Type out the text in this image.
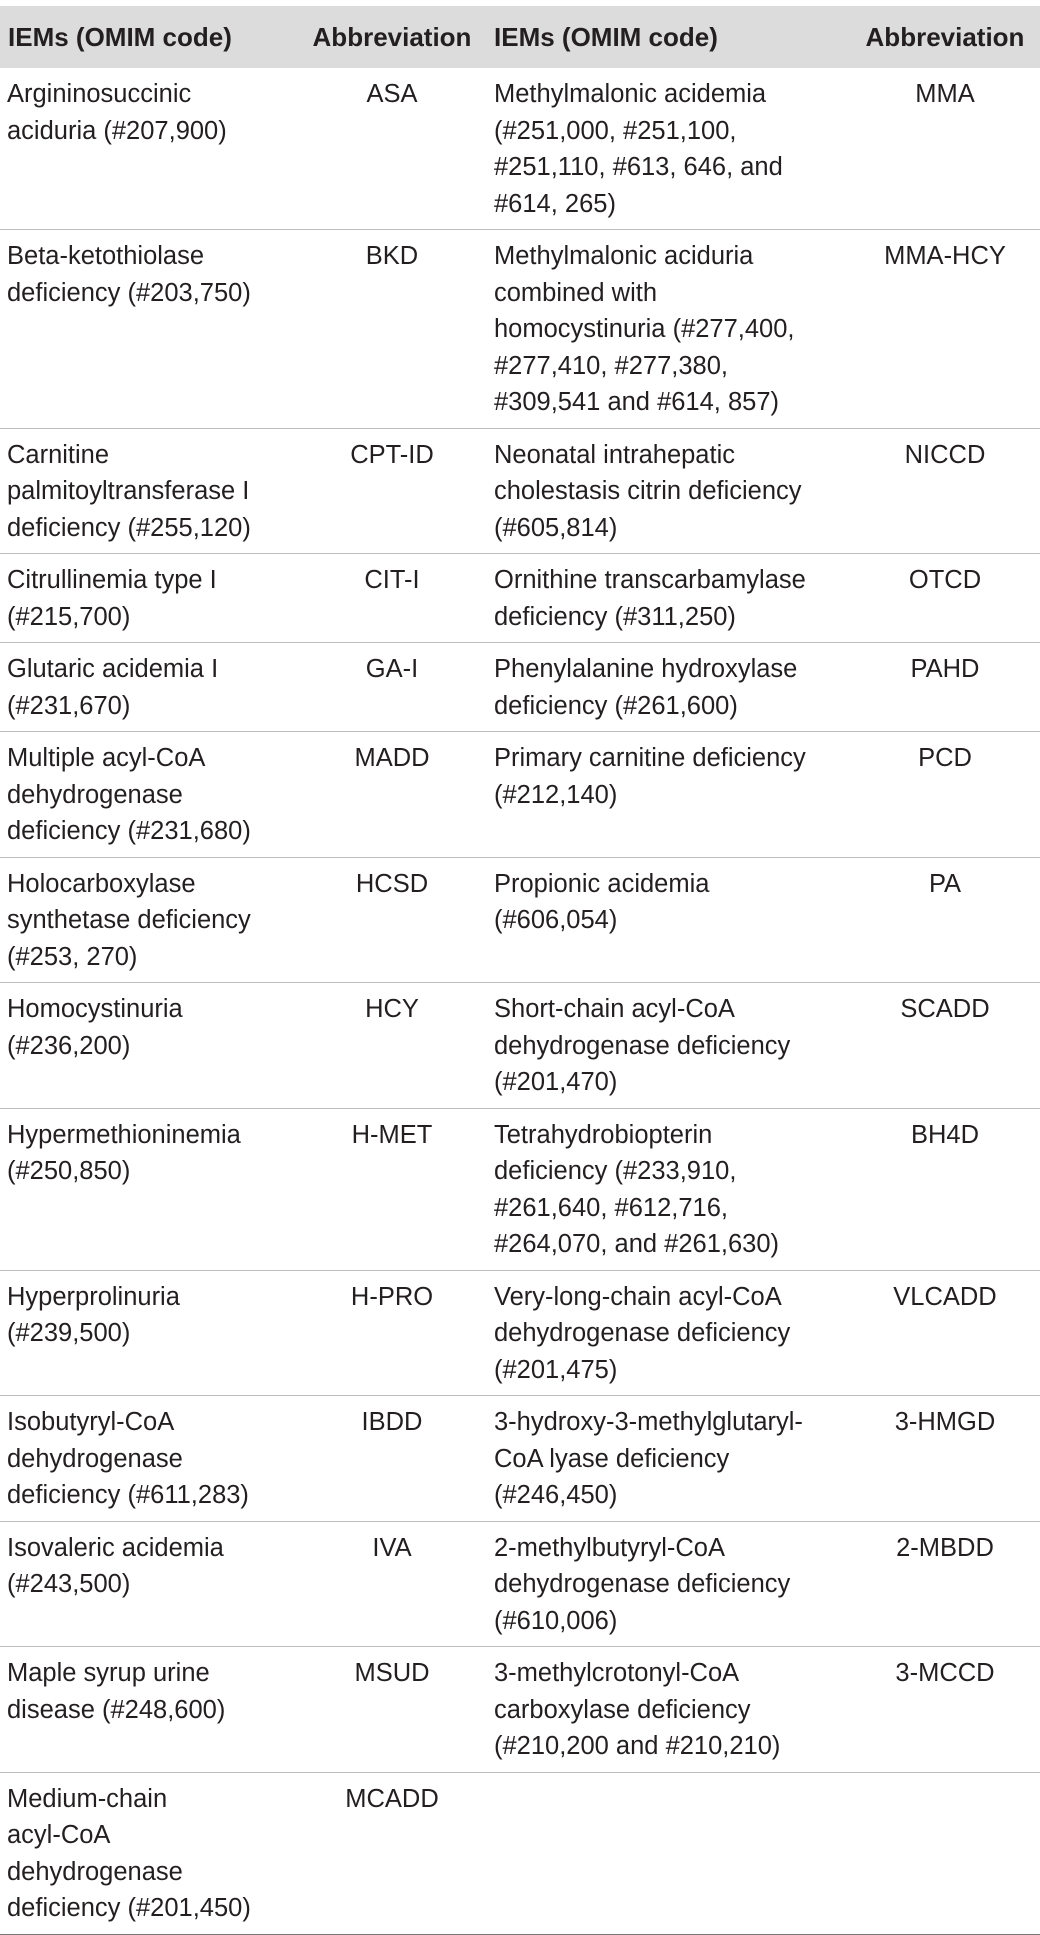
IEMs (OMIM code)	Abbreviation	IEMs (OMIM code)	Abbreviation

Argininosuccinic
aciduria (#207,900)	ASA	Methylmalonic acidemia
(#251,000, #251,100,
#251,110, #613, 646, and
#614, 265)	MMA

Beta-ketothiolase
deficiency (#203,750)	BKD	Methylmalonic aciduria
combined with
homocystinuria (#277,400,
#277,410, #277,380,
#309,541 and #614, 857)	MMA-HCY

Carnitine
palmitoyltransferase I
deficiency (#255,120)	CPT-ID	Neonatal intrahepatic
cholestasis citrin deficiency
(#605,814)	NICCD

Citrullinemia type I
(#215,700)	CIT-I	Ornithine transcarbamylase
deficiency (#311,250)	OTCD

Glutaric acidemia I
(#231,670)	GA-I	Phenylalanine hydroxylase
deficiency (#261,600)	PAHD

Multiple acyl-CoA
dehydrogenase
deficiency (#231,680)	MADD	Primary carnitine deficiency
(#212,140)	PCD

Holocarboxylase
synthetase deficiency
(#253, 270)	HCSD	Propionic acidemia
(#606,054)	PA

Homocystinuria
(#236,200)	HCY	Short-chain acyl-CoA
dehydrogenase deficiency
(#201,470)	SCADD

Hypermethioninemia
(#250,850)	H-MET	Tetrahydrobiopterin
deficiency (#233,910,
#261,640, #612,716,
#264,070, and #261,630)	BH4D

Hyperprolinuria
(#239,500)	H-PRO	Very-long-chain acyl-CoA
dehydrogenase deficiency
(#201,475)	VLCADD

Isobutyryl-CoA
dehydrogenase
deficiency (#611,283)	IBDD	3-hydroxy-3-methylglutaryl-
CoA lyase deficiency
(#246,450)	3-HMGD

Isovaleric acidemia
(#243,500)	IVA	2-methylbutyryl-CoA
dehydrogenase deficiency
(#610,006)	2-MBDD

Maple syrup urine
disease (#248,600)	MSUD	3-methylcrotonyl-CoA
carboxylase deficiency
(#210,200 and #210,210)	3-MCCD

Medium-chain
acyl-CoA
dehydrogenase
deficiency (#201,450)	MCADD		
